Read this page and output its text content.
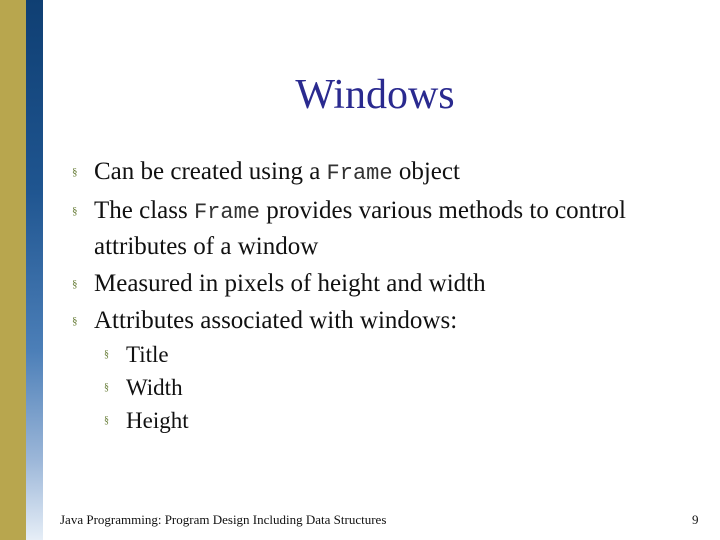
Windows
§ Can be created using a Frame object
§ The class Frame provides various methods to control attributes of a window
§ Measured in pixels of height and width
§ Attributes associated with windows:
§ Title
§ Width
§ Height
Java Programming: Program Design Including Data Structures	9
